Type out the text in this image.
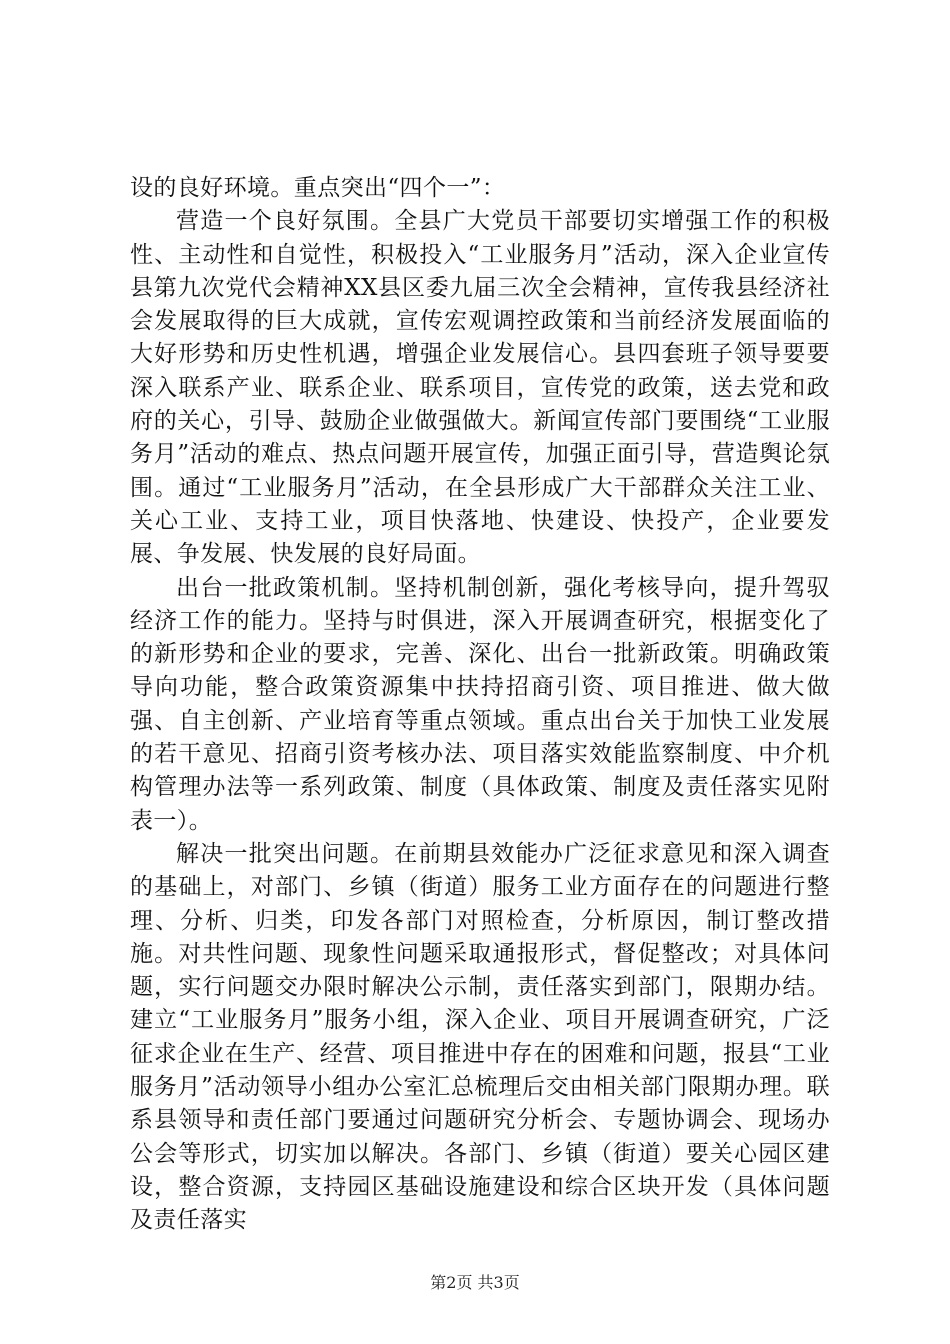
设的良好环境。重点突出“四个一”：

营造一个良好氛围。全县广大党员干部要切实增强工作的积极性、主动性和自觉性，积极投入“工业服务月”活动，深入企业宣传县第九次党代会精神XX县区委九届三次全会精神，宣传我县经济社会发展取得的巨大成就，宣传宏观调控政策和当前经济发展面临的大好形势和历史性机遇，增强企业发展信心。县四套班子领导要要深入联系产业、联系企业、联系项目，宣传党的政策，送去党和政府的关心，引导、鼓励企业做强做大。新闻宣传部门要围绕“工业服务月”活动的难点、热点问题开展宣传，加强正面引导，营造舆论氛围。通过“工业服务月”活动，在全县形成广大干部群众关注工业、关心工业、支持工业，项目快落地、快建设、快投产，企业要发展、争发展、快发展的良好局面。

出台一批政策机制。坚持机制创新，强化考核导向，提升驾驭经济工作的能力。坚持与时俱进，深入开展调查研究，根据变化了的新形势和企业的要求，完善、深化、出台一批新政策。明确政策导向功能，整合政策资源集中扶持招商引资、项目推进、做大做强、自主创新、产业培育等重点领域。重点出台关于加快工业发展的若干意见、招商引资考核办法、项目落实效能监察制度、中介机构管理办法等一系列政策、制度（具体政策、制度及责任落实见附表一）。

解决一批突出问题。在前期县效能办广泛征求意见和深入调查的基础上，对部门、乡镇（街道）服务工业方面存在的问题进行整理、分析、归类，印发各部门对照检查，分析原因，制订整改措施。对共性问题、现象性问题采取通报形式，督促整改；对具体问题，实行问题交办限时解决公示制，责任落实到部门，限期办结。建立“工业服务月”服务小组，深入企业、项目开展调查研究，广泛征求企业在生产、经营、项目推进中存在的困难和问题，报县“工业服务月”活动领导小组办公室汇总梳理后交由相关部门限期办理。联系县领导和责任部门要通过问题研究分析会、专题协调会、现场办公会等形式，切实加以解决。各部门、乡镇（街道）要关心园区建设，整合资源，支持园区基础设施建设和综合区块开发（具体问题及责任落实

第2页 共3页
